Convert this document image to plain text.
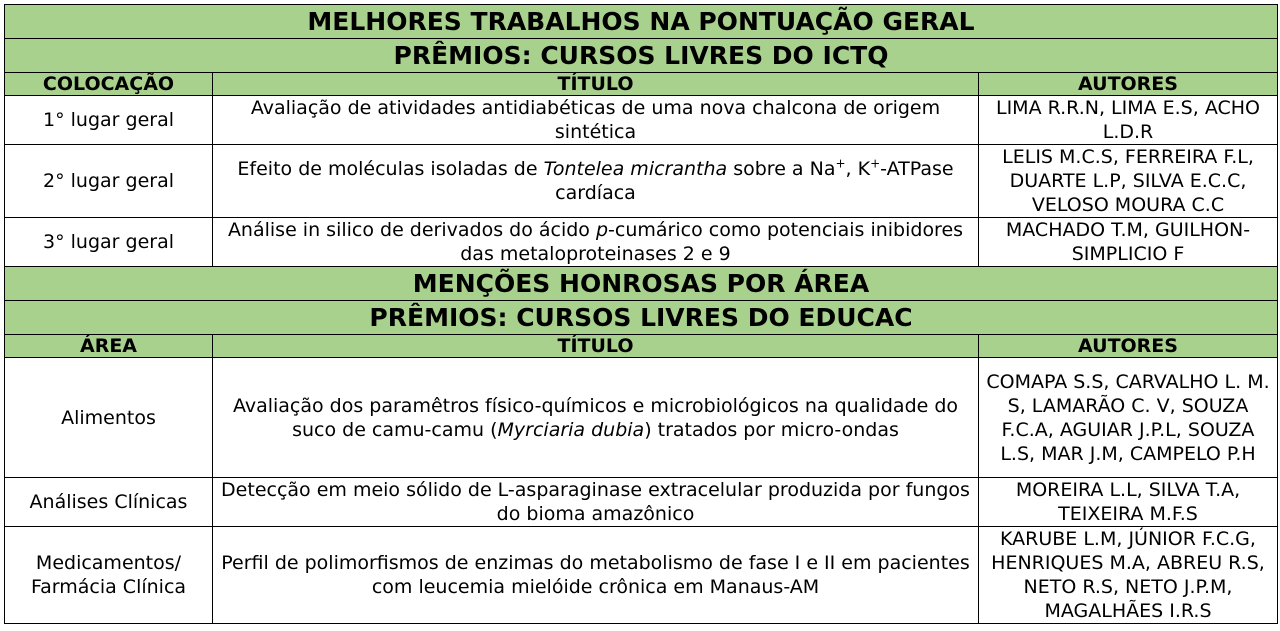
MELHORES TRABALHOS NA PONTUAÇÃO GERAL		
PRÊMIOS: CURSOS LIVRES DO ICTQ		
COLOCAÇÃO	TÍTULO	AUTORES
1° lugar geral	Avaliação de atividades antidiabéticas de uma nova chalcona de origem sintética	LIMA R.R.N, LIMA E.S, ACHO L.D.R
2° lugar geral	Efeito de moléculas isoladas de Tontelea micrantha sobre a Na+, K+-ATPase cardíaca	LELIS M.C.S, FERREIRA F.L, DUARTE L.P, SILVA E.C.C, VELOSO MOURA C.C
3° lugar geral	Análise in silico de derivados do ácido p-cumárico como potenciais inibidores das metaloproteinases 2 e 9	MACHADO T.M, GUILHON-SIMPLICIO F
MENÇÕES HONROSAS POR ÁREA		
PRÊMIOS: CURSOS LIVRES DO EDUCAC		
ÁREA	TÍTULO	AUTORES
Alimentos	Avaliação dos paramêtros físico-químicos e microbiológicos na qualidade do suco de camu-camu (Myrciaria dubia) tratados por micro-ondas	COMAPA S.S, CARVALHO L. M. S, LAMARÃO C. V, SOUZA F.C.A, AGUIAR J.P.L, SOUZA L.S, MAR J.M, CAMPELO P.H
Análises Clínicas	Detecção em meio sólido de L-asparaginase extracelular produzida por fungos do bioma amazônico	MOREIRA L.L, SILVA T.A, TEIXEIRA M.F.S
Medicamentos/ Farmácia Clínica	Perfil de polimorfismos de enzimas do metabolismo de fase I e II em pacientes com leucemia mielóide crônica em Manaus-AM	KARUBE L.M, JÚNIOR F.C.G, HENRIQUES M.A, ABREU R.S, NETO R.S, NETO J.P.M, MAGALHÃES I.R.S
